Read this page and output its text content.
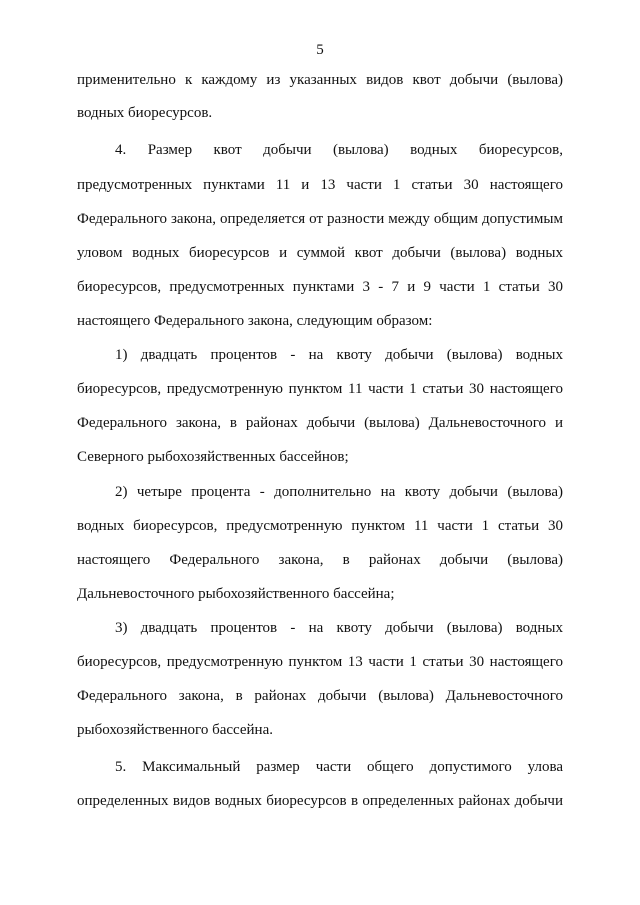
5
применительно к каждому из указанных видов квот добычи (вылова)
водных биоресурсов.
4. Размер квот добычи (вылова) водных биоресурсов,
предусмотренных пунктами 11 и 13 части 1 статьи 30 настоящего
Федерального закона, определяется от разности между общим допустимым
уловом водных биоресурсов и суммой квот добычи (вылова) водных
биоресурсов, предусмотренных пунктами 3 - 7 и 9 части 1 статьи 30
настоящего Федерального закона, следующим образом:
1) двадцать процентов - на квоту добычи (вылова) водных
биоресурсов, предусмотренную пунктом 11 части 1 статьи 30 настоящего
Федерального закона, в районах добычи (вылова) Дальневосточного и
Северного рыбохозяйственных бассейнов;
2) четыре процента - дополнительно на квоту добычи (вылова)
водных биоресурсов, предусмотренную пунктом 11 части 1 статьи 30
настоящего Федерального закона, в районах добычи (вылова)
Дальневосточного рыбохозяйственного бассейна;
3) двадцать процентов - на квоту добычи (вылова) водных
биоресурсов, предусмотренную пунктом 13 части 1 статьи 30 настоящего
Федерального закона, в районах добычи (вылова) Дальневосточного
рыбохозяйственного бассейна.
5. Максимальный размер части общего допустимого улова
определенных видов водных биоресурсов в определенных районах добычи
